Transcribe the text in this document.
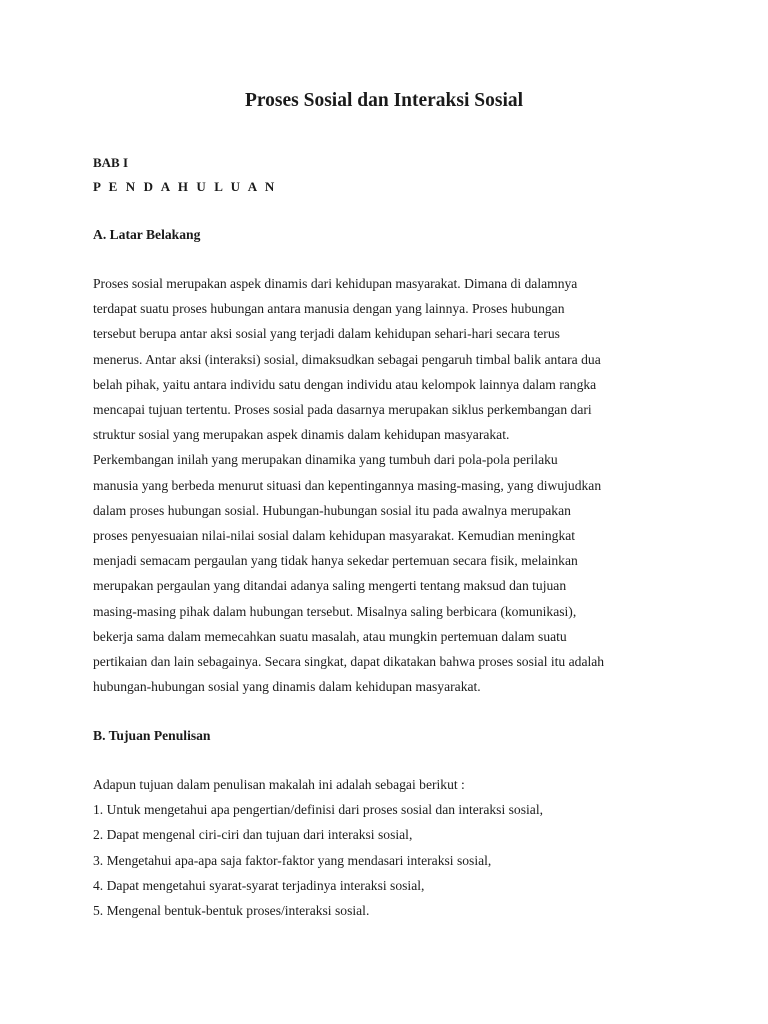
Proses Sosial dan Interaksi Sosial
BAB I
P E N D A H U L U A N
A. Latar Belakang
Proses sosial merupakan aspek dinamis dari kehidupan masyarakat. Dimana di dalamnya
terdapat suatu proses hubungan antara manusia dengan yang lainnya. Proses hubungan
tersebut berupa antar aksi sosial yang terjadi dalam kehidupan sehari-hari secara terus
menerus. Antar aksi (interaksi) sosial, dimaksudkan sebagai pengaruh timbal balik antara dua
belah pihak, yaitu antara individu satu dengan individu atau kelompok lainnya dalam rangka
mencapai tujuan tertentu. Proses sosial pada dasarnya merupakan siklus perkembangan dari
struktur sosial yang merupakan aspek dinamis dalam kehidupan masyarakat.
Perkembangan inilah yang merupakan dinamika yang tumbuh dari pola-pola perilaku
manusia yang berbeda menurut situasi dan kepentingannya masing-masing, yang diwujudkan
dalam proses hubungan sosial. Hubungan-hubungan sosial itu pada awalnya merupakan
proses penyesuaian nilai-nilai sosial dalam kehidupan masyarakat. Kemudian meningkat
menjadi semacam pergaulan yang tidak hanya sekedar pertemuan secara fisik, melainkan
merupakan pergaulan yang ditandai adanya saling mengerti tentang maksud dan tujuan
masing-masing pihak dalam hubungan tersebut. Misalnya saling berbicara (komunikasi),
bekerja sama dalam memecahkan suatu masalah, atau mungkin pertemuan dalam suatu
pertikaian dan lain sebagainya. Secara singkat, dapat dikatakan bahwa proses sosial itu adalah
hubungan-hubungan sosial yang dinamis dalam kehidupan masyarakat.
B. Tujuan Penulisan
Adapun tujuan dalam penulisan makalah ini adalah sebagai berikut :
1. Untuk mengetahui apa pengertian/definisi dari proses sosial dan interaksi sosial,
2. Dapat mengenal ciri-ciri dan tujuan dari interaksi sosial,
3. Mengetahui apa-apa saja faktor-faktor yang mendasari interaksi sosial,
4. Dapat mengetahui syarat-syarat terjadinya interaksi sosial,
5. Mengenal bentuk-bentuk proses/interaksi sosial.
